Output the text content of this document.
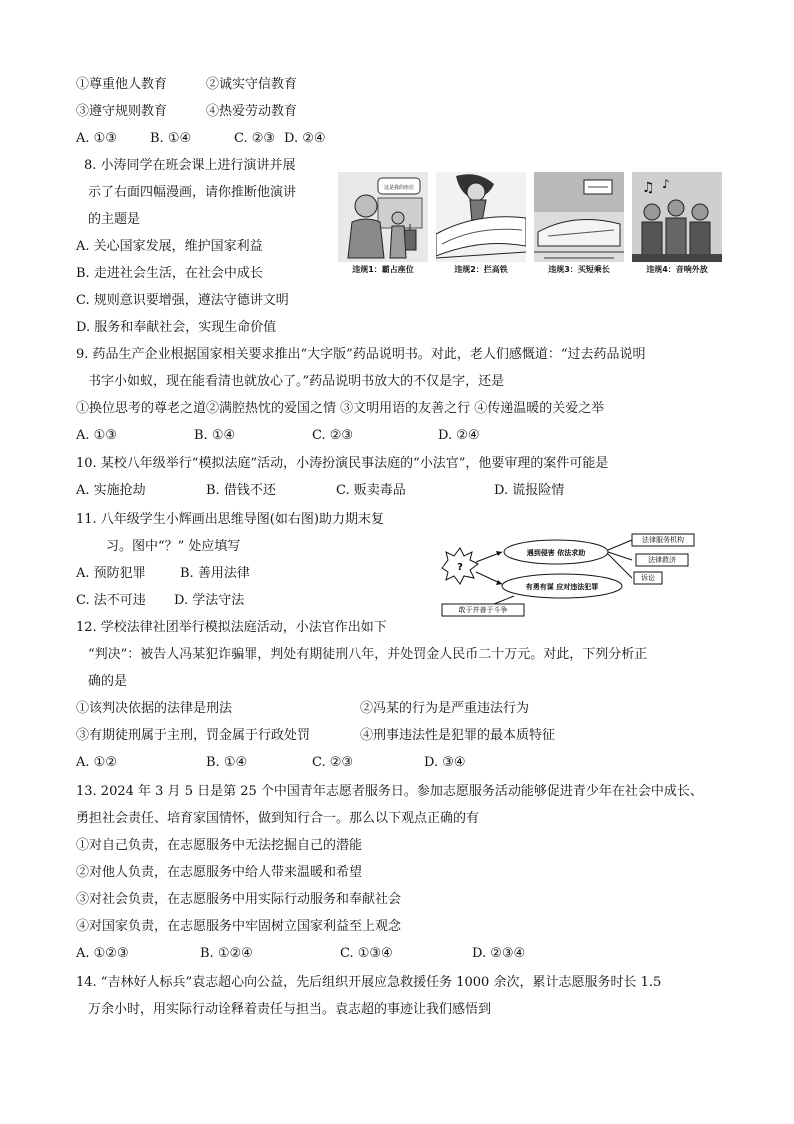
①尊重他人教育	②诚实守信教育
③遵守规则教育	④热爱劳动教育
A. ①③	B. ①④	C. ②③ D. ②④
8. 小涛同学在班会课上进行演讲并展
示了右面四幅漫画，请你推断他演讲
的主题是
A. 关心国家发展，维护国家利益
B. 走进社会生活，在社会中成长
C. 规则意识要增强，遵法守德讲文明
D. 服务和奉献社会，实现生命价值
这是我的座位
违规1：霸占座位	违规2：拦高铁	违规3：买短乘长
♫ ♪
违规4：音响外放
9. 药品生产企业根据国家相关要求推出“大字版”药品说明书。对此，老人们感慨道：“过去药品说明
书字小如蚁，现在能看清也就放心了。”药品说明书放大的不仅是字，还是
①换位思考的尊老之道②满腔热忱的爱国之情 ③文明用语的友善之行 ④传递温暖的关爱之举
A. ①③	B. ①④	C. ②③	D. ②④
10. 某校八年级举行“模拟法庭”活动，小涛扮演民事法庭的“小法官”，他要审理的案件可能是
A. 实施抢劫	B. 借钱不还	C. 贩卖毒品	D. 谎报险情
11. 八年级学生小辉画出思维导图(如右图)助力期末复
习。图中“？” 处应填写
A. 预防犯罪	B. 善用法律
C. 法不可违 D. 学法守法
?
遇到侵害 依法求助
有勇有谋 应对违法犯罪
法律服务机构
法律救济
诉讼
敢于并善于斗争
12. 学校法律社团举行模拟法庭活动，小法官作出如下
“判决”：被告人冯某犯诈骗罪，判处有期徒刑八年，并处罚金人民币二十万元。对此，下列分析正
确的是
①该判决依据的法律是刑法	②冯某的行为是严重违法行为
③有期徒刑属于主刑，罚金属于行政处罚	④刑事违法性是犯罪的最本质特征
A. ①②	B. ①④	C. ②③	D. ③④
13. 2024 年 3 月 5 日是第 25 个中国青年志愿者服务日。参加志愿服务活动能够促进青少年在社会中成长、
勇担社会责任、培育家国情怀，做到知行合一。那么以下观点正确的有
①对自己负责，在志愿服务中无法挖掘自己的潜能
②对他人负责，在志愿服务中给人带来温暖和希望
③对社会负责，在志愿服务中用实际行动服务和奉献社会
④对国家负责，在志愿服务中牢固树立国家利益至上观念
A. ①②③	B. ①②④	C. ①③④	D. ②③④
14. “吉林好人标兵”袁志超心向公益，先后组织开展应急救援任务 1000 余次，累计志愿服务时长 1.5
万余小时，用实际行动诠释着责任与担当。袁志超的事迹让我们感悟到
